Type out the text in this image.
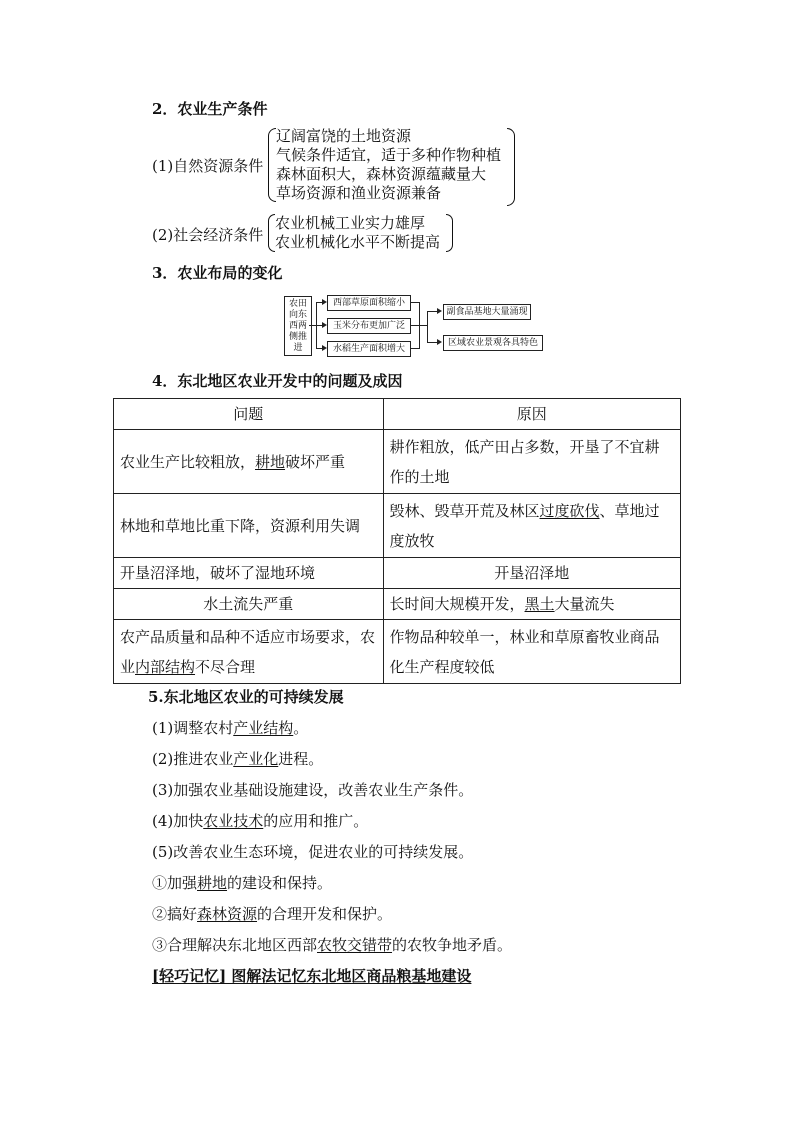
2．农业生产条件
(1)自然资源条件
辽阔富饶的土地资源
气候条件适宜，适于多种作物种植
森林面积大，森林资源蕴藏量大
草场资源和渔业资源兼备
(2)社会经济条件
农业机械工业实力雄厚
农业机械化水平不断提高
3．农业布局的变化
农田向东西两侧推进
西部草原面积缩小
玉米分布更加广泛
水稻生产面积增大
副食品基地大量涌现
区域农业景观各具特色
4．东北地区农业开发中的问题及成因
问题	原因
农业生产比较粗放，耕地破坏严重	耕作粗放，低产田占多数，开垦了不宜耕作的土地
林地和草地比重下降，资源利用失调	毁林、毁草开荒及林区过度砍伐、草地过度放牧
开垦沼泽地，破坏了湿地环境	开垦沼泽地
水土流失严重	长时间大规模开发，黑土大量流失
农产品质量和品种不适应市场要求，农业内部结构不尽合理	作物品种较单一，林业和草原畜牧业商品化生产程度较低
5.东北地区农业的可持续发展
(1)调整农村产业结构。
(2)推进农业产业化进程。
(3)加强农业基础设施建设，改善农业生产条件。
(4)加快农业技术的应用和推广。
(5)改善农业生态环境，促进农业的可持续发展。
①加强耕地的建设和保持。
②搞好森林资源的合理开发和保护。
③合理解决东北地区西部农牧交错带的农牧争地矛盾。
[轻巧记忆] 图解法记忆东北地区商品粮基地建设
